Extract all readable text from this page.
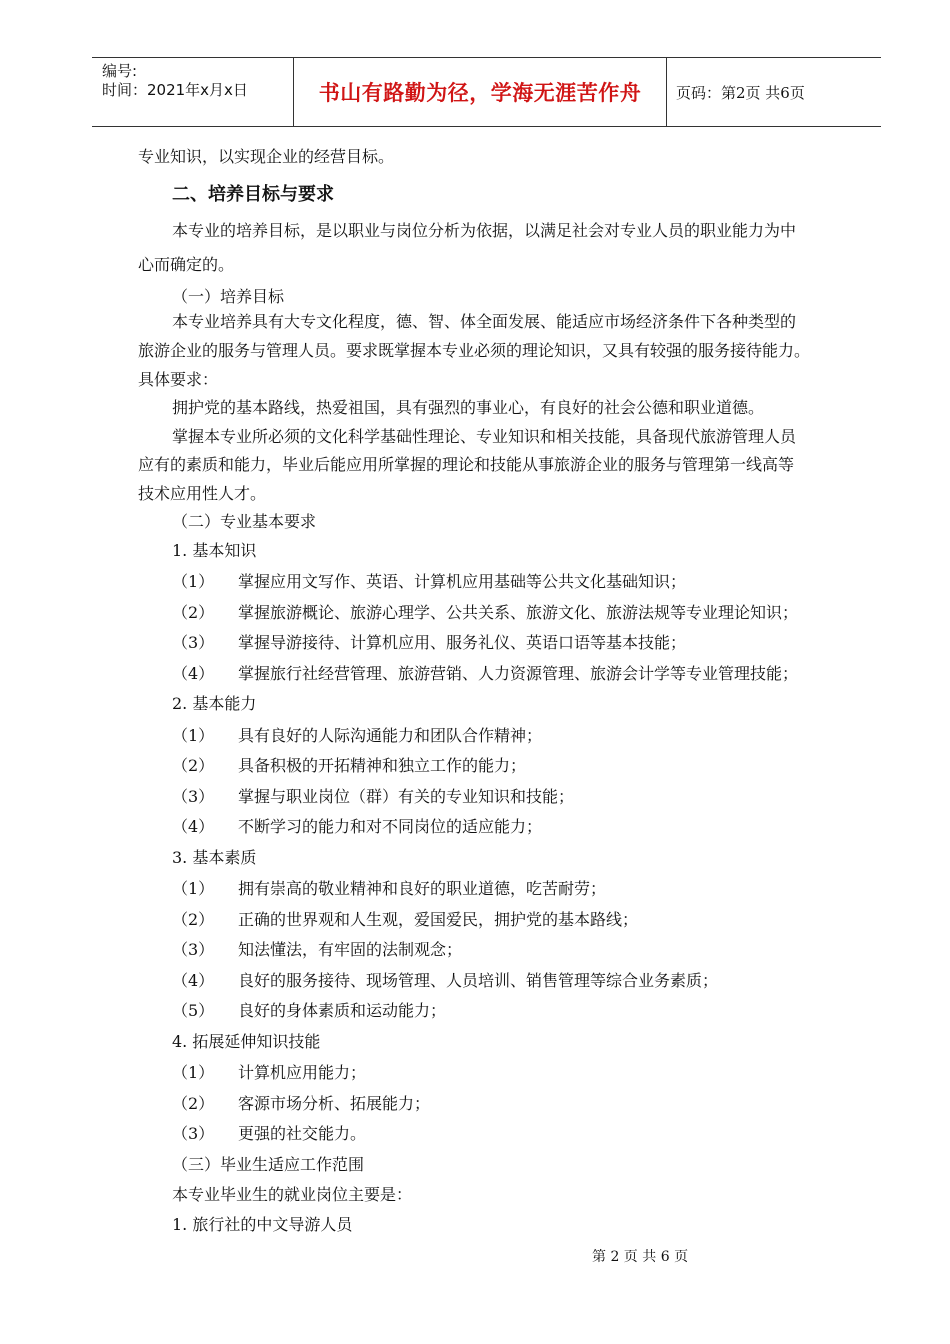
编号:
时间：2021年x月x日	书山有路勤为径，学海无涯苦作舟	页码：第2页 共6页
专业知识，以实现企业的经营目标。
二、培养目标与要求
本专业的培养目标，是以职业与岗位分析为依据，以满足社会对专业人员的职业能力为中
心而确定的。
（一）培养目标
本专业培养具有大专文化程度，德、智、体全面发展、能适应市场经济条件下各种类型的
旅游企业的服务与管理人员。要求既掌握本专业必须的理论知识，又具有较强的服务接待能力。
具体要求：
拥护党的基本路线，热爱祖国，具有强烈的事业心，有良好的社会公德和职业道德。
掌握本专业所必须的文化科学基础性理论、专业知识和相关技能，具备现代旅游管理人员
应有的素质和能力，毕业后能应用所掌握的理论和技能从事旅游企业的服务与管理第一线高等
技术应用性人才。
（二）专业基本要求
1. 基本知识
（1） 掌握应用文写作、英语、计算机应用基础等公共文化基础知识；
（2） 掌握旅游概论、旅游心理学、公共关系、旅游文化、旅游法规等专业理论知识；
（3） 掌握导游接待、计算机应用、服务礼仪、英语口语等基本技能；
（4） 掌握旅行社经营管理、旅游营销、人力资源管理、旅游会计学等专业管理技能；
2. 基本能力
（1） 具有良好的人际沟通能力和团队合作精神；
（2） 具备积极的开拓精神和独立工作的能力；
（3） 掌握与职业岗位（群）有关的专业知识和技能；
（4） 不断学习的能力和对不同岗位的适应能力；
3. 基本素质
（1） 拥有崇高的敬业精神和良好的职业道德，吃苦耐劳；
（2） 正确的世界观和人生观，爱国爱民，拥护党的基本路线；
（3） 知法懂法，有牢固的法制观念；
（4） 良好的服务接待、现场管理、人员培训、销售管理等综合业务素质；
（5） 良好的身体素质和运动能力；
4. 拓展延伸知识技能
（1） 计算机应用能力；
（2） 客源市场分析、拓展能力；
（3） 更强的社交能力。
（三）毕业生适应工作范围
本专业毕业生的就业岗位主要是：
1. 旅行社的中文导游人员
第 2 页 共 6 页
